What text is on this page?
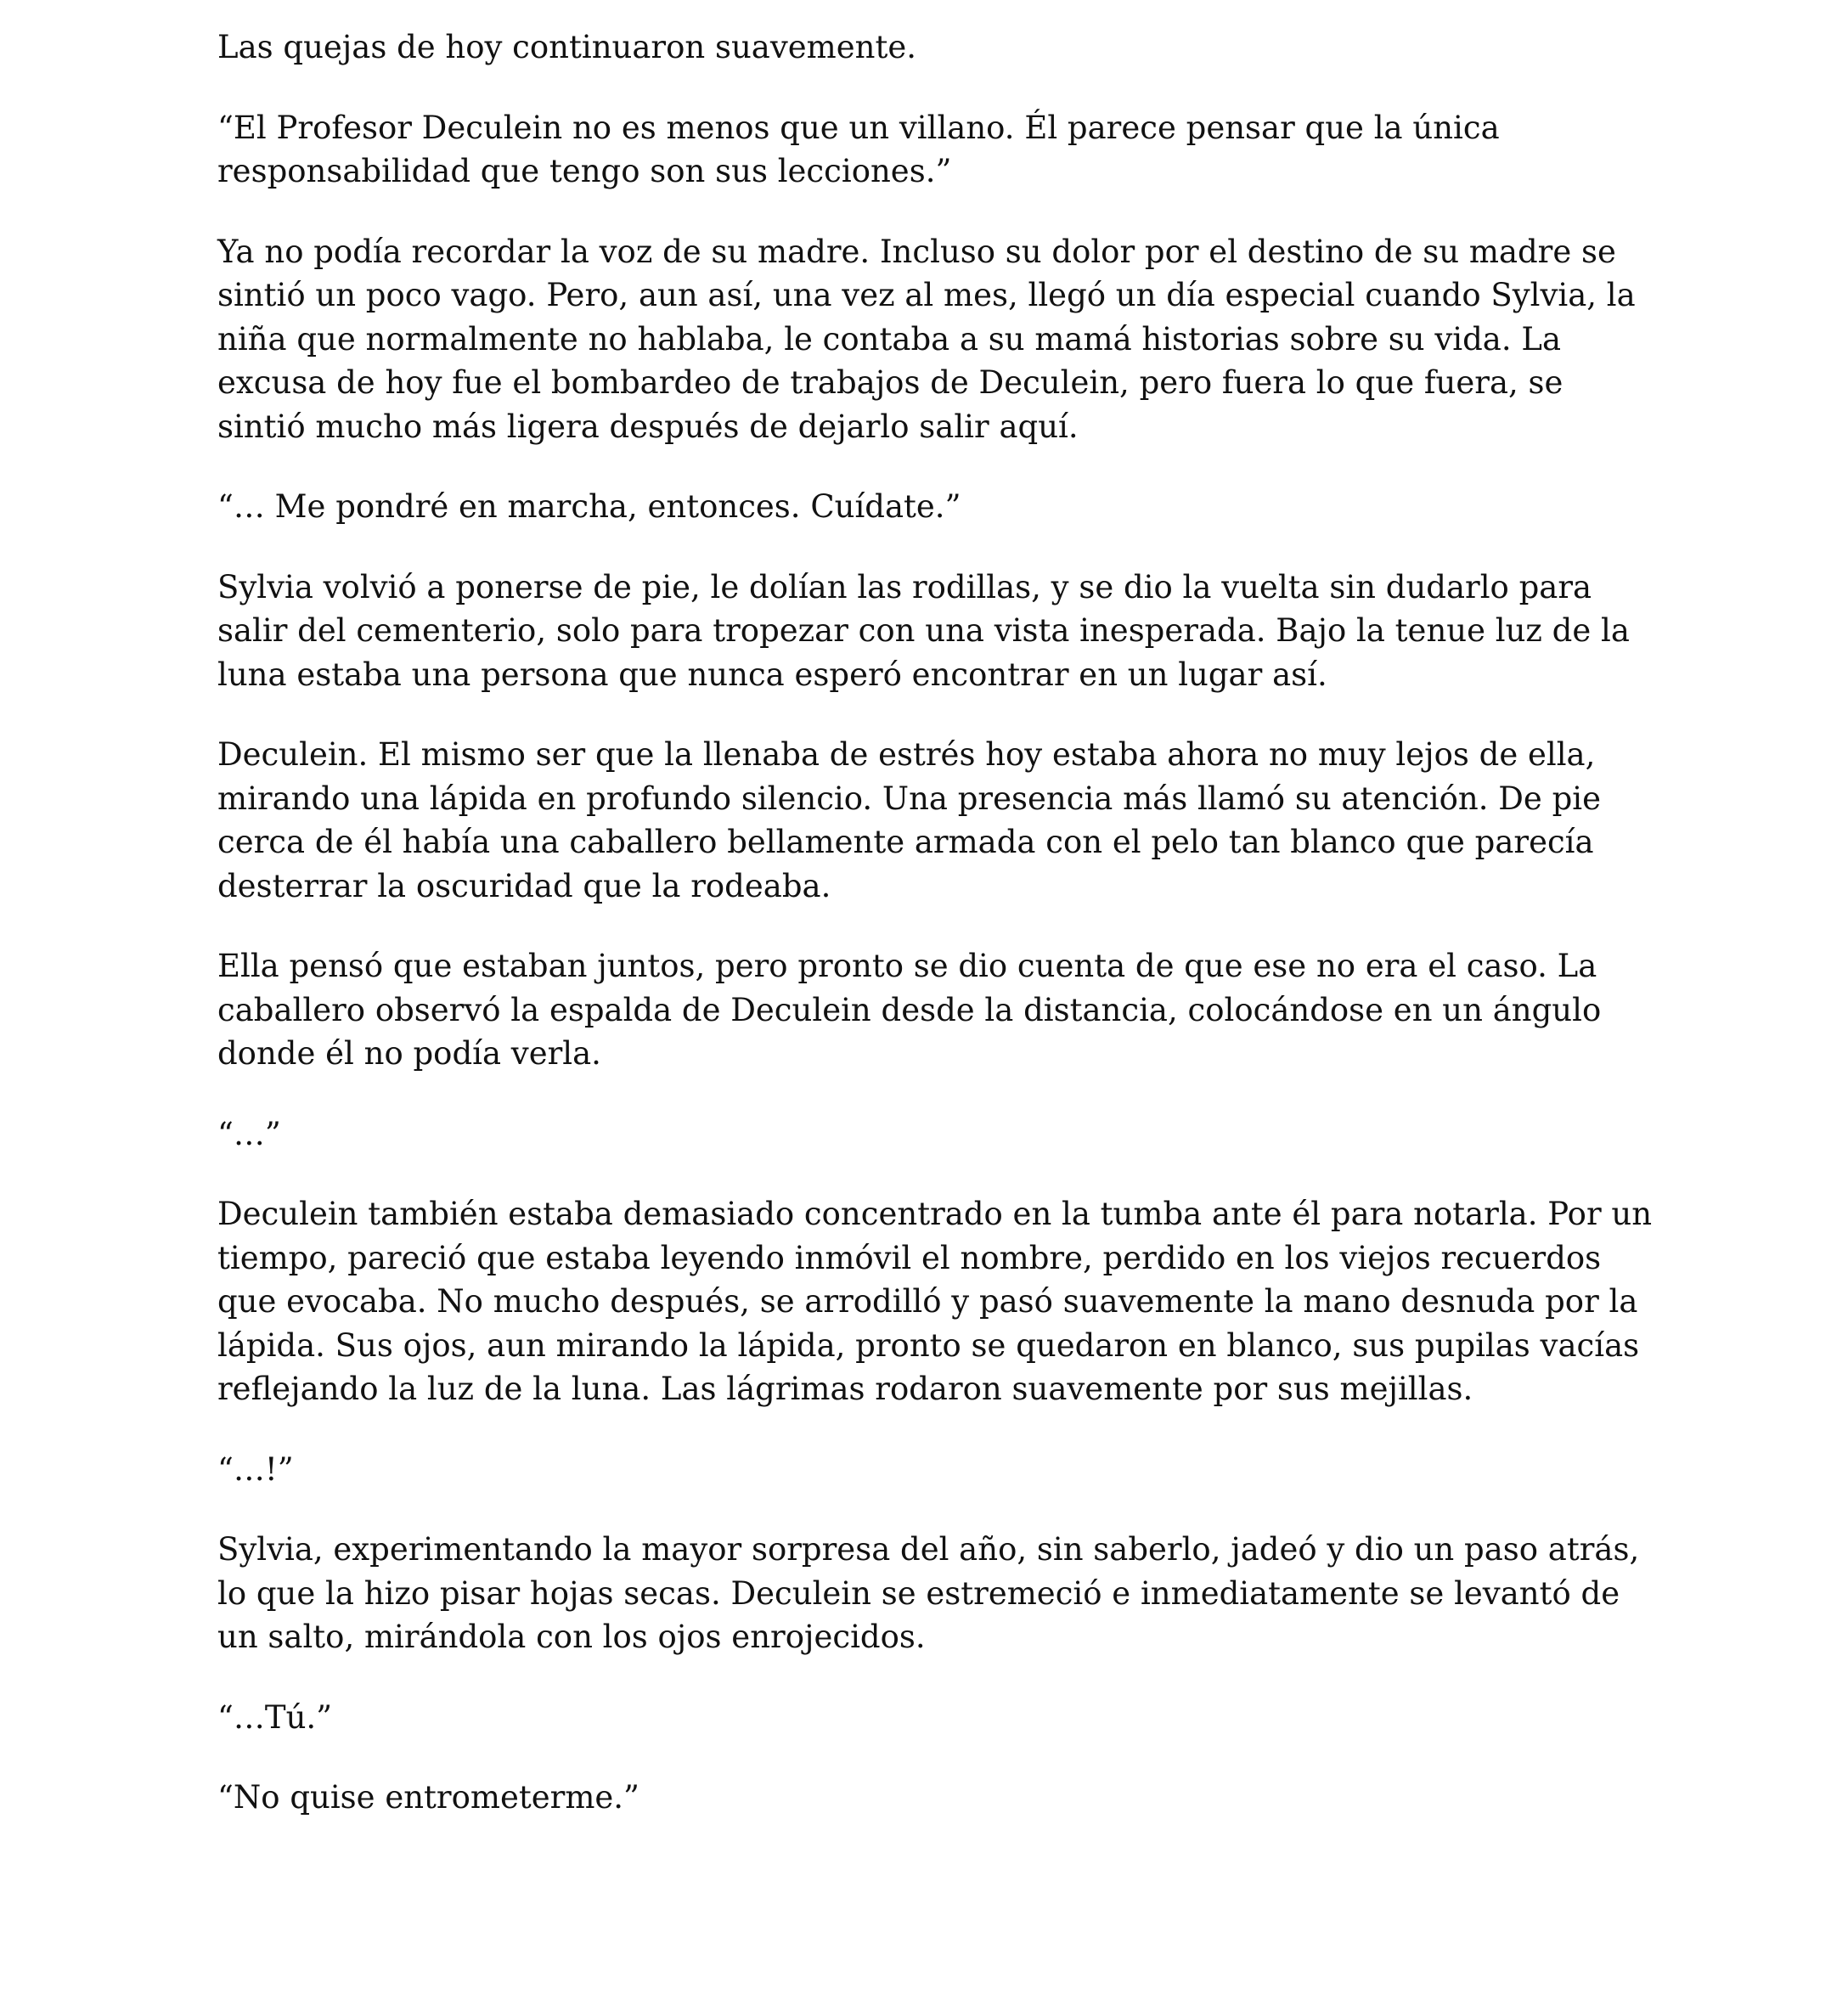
Las quejas de hoy continuaron suavemente.

“El Profesor Deculein no es menos que un villano. Él parece pensar que la única responsabilidad que tengo son sus lecciones.”

Ya no podía recordar la voz de su madre. Incluso su dolor por el destino de su madre se sintió un poco vago. Pero, aun así, una vez al mes, llegó un día especial cuando Sylvia, la niña que normalmente no hablaba, le contaba a su mamá historias sobre su vida. La excusa de hoy fue el bombardeo de trabajos de Deculein, pero fuera lo que fuera, se sintió mucho más ligera después de dejarlo salir aquí.

“… Me pondré en marcha, entonces. Cuídate.”

Sylvia volvió a ponerse de pie, le dolían las rodillas, y se dio la vuelta sin dudarlo para salir del cementerio, solo para tropezar con una vista inesperada. Bajo la tenue luz de la luna estaba una persona que nunca esperó encontrar en un lugar así.

Deculein. El mismo ser que la llenaba de estrés hoy estaba ahora no muy lejos de ella, mirando una lápida en profundo silencio. Una presencia más llamó su atención. De pie cerca de él había una caballero bellamente armada con el pelo tan blanco que parecía desterrar la oscuridad que la rodeaba.

Ella pensó que estaban juntos, pero pronto se dio cuenta de que ese no era el caso. La caballero observó la espalda de Deculein desde la distancia, colocándose en un ángulo donde él no podía verla.

“…”

Deculein también estaba demasiado concentrado en la tumba ante él para notarla. Por un tiempo, pareció que estaba leyendo inmóvil el nombre, perdido en los viejos recuerdos que evocaba. No mucho después, se arrodilló y pasó suavemente la mano desnuda por la lápida. Sus ojos, aun mirando la lápida, pronto se quedaron en blanco, sus pupilas vacías reflejando la luz de la luna. Las lágrimas rodaron suavemente por sus mejillas.

“…!”

Sylvia, experimentando la mayor sorpresa del año, sin saberlo, jadeó y dio un paso atrás, lo que la hizo pisar hojas secas. Deculein se estremeció e inmediatamente se levantó de un salto, mirándola con los ojos enrojecidos.

“…Tú.”

“No quise entrometerme.”
